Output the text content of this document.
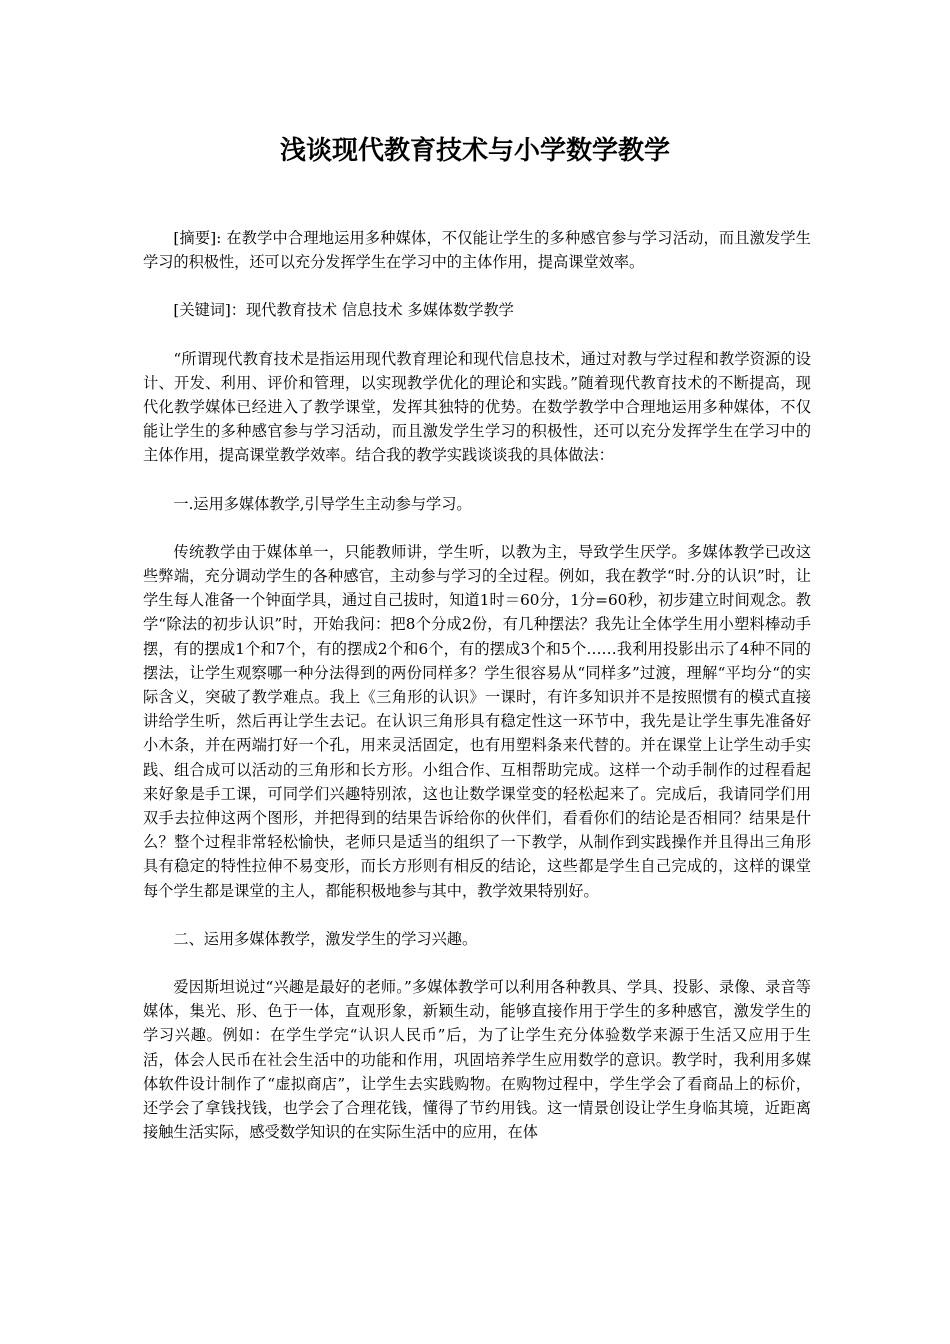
浅谈现代教育技术与小学数学教学

[摘要]: 在教学中合理地运用多种媒体，不仅能让学生的多种感官参与学习活动，而且激发学生学习的积极性，还可以充分发挥学生在学习中的主体作用，提高课堂效率。

[关键词]：现代教育技术 信息技术 多媒体数学教学

“所谓现代教育技术是指运用现代教育理论和现代信息技术，通过对教与学过程和教学资源的设计、开发、利用、评价和管理，以实现教学优化的理论和实践。”随着现代教育技术的不断提高，现代化教学媒体已经进入了教学课堂，发挥其独特的优势。在数学教学中合理地运用多种媒体，不仅能让学生的多种感官参与学习活动，而且激发学生学习的积极性，还可以充分发挥学生在学习中的主体作用，提高课堂教学效率。结合我的教学实践谈谈我的具体做法：

一.运用多媒体教学,引导学生主动参与学习。

传统教学由于媒体单一，只能教师讲，学生听，以教为主，导致学生厌学。多媒体教学已改这些弊端，充分调动学生的各种感官，主动参与学习的全过程。例如，我在教学“时.分的认识”时，让学生每人准备一个钟面学具，通过自己拔时，知道1时＝60分，1分=60秒，初步建立时间观念。教学“除法的初步认识”时，开始我问：把8个分成2份，有几种摆法？我先让全体学生用小塑料棒动手摆，有的摆成1个和7个，有的摆成2个和6个，有的摆成3个和5个……我利用投影出示了4种不同的摆法，让学生观察哪一种分法得到的两份同样多？学生很容易从“同样多”过渡，理解“平均分“的实际含义，突破了教学难点。我上《三角形的认识》一课时，有许多知识并不是按照惯有的模式直接讲给学生听，然后再让学生去记。在认识三角形具有稳定性这一环节中，我先是让学生事先准备好小木条，并在两端打好一个孔，用来灵活固定，也有用塑料条来代替的。并在课堂上让学生动手实践、组合成可以活动的三角形和长方形。小组合作、互相帮助完成。这样一个动手制作的过程看起来好象是手工课，可同学们兴趣特别浓，这也让数学课堂变的轻松起来了。完成后，我请同学们用双手去拉伸这两个图形，并把得到的结果告诉给你的伙伴们，看看你们的结论是否相同？结果是什么？整个过程非常轻松愉快，老师只是适当的组织了一下教学，从制作到实践操作并且得出三角形具有稳定的特性拉伸不易变形，而长方形则有相反的结论，这些都是学生自己完成的，这样的课堂每个学生都是课堂的主人，都能积极地参与其中，教学效果特别好。

二、运用多媒体教学，激发学生的学习兴趣。

爱因斯坦说过“兴趣是最好的老师。”多媒体教学可以利用各种教具、学具、投影、录像、录音等媒体，集光、形、色于一体，直观形象，新颖生动，能够直接作用于学生的多种感官，激发学生的学习兴趣。例如：在学生学完“认识人民币”后，为了让学生充分体验数学来源于生活又应用于生活，体会人民币在社会生活中的功能和作用，巩固培养学生应用数学的意识。教学时，我利用多媒体软件设计制作了“虚拟商店”，让学生去实践购物。在购物过程中，学生学会了看商品上的标价，还学会了拿钱找钱，也学会了合理花钱，懂得了节约用钱。这一情景创设让学生身临其境，近距离接触生活实际，感受数学知识的在实际生活中的应用，在体
